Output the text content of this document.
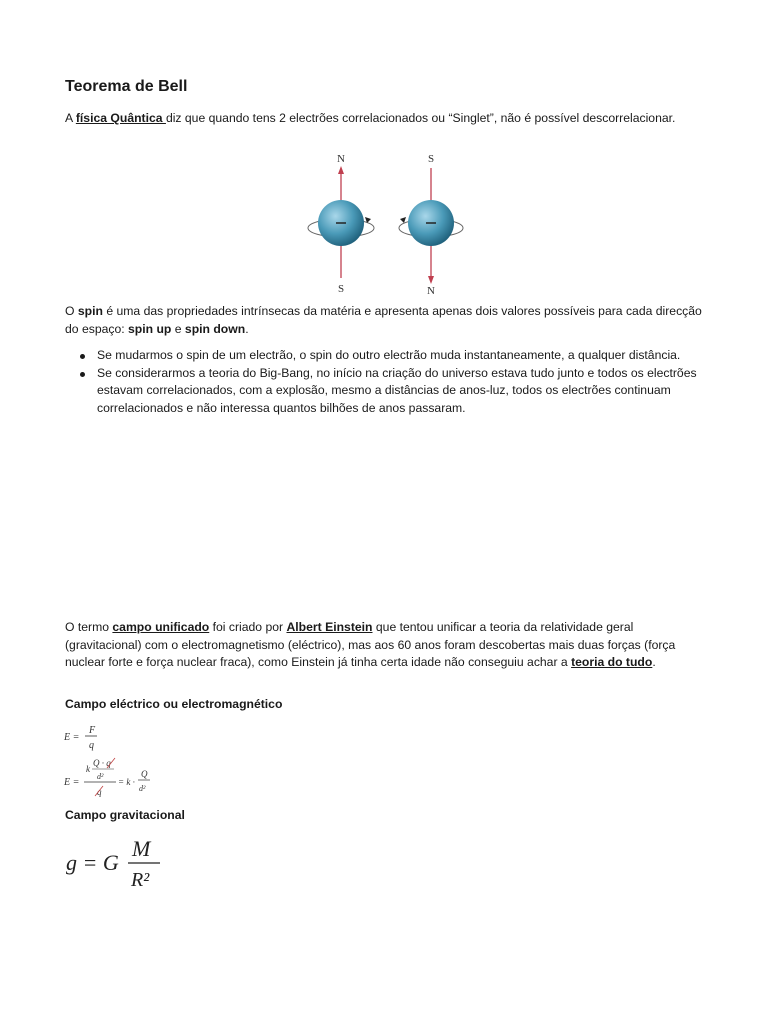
Teorema de Bell

A física Quântica diz que quando tens 2 electrões correlacionados ou “Singlet”, não é possível descorrelacionar.

N
S
S
N

O spin é uma das propriedades intrínsecas da matéria e apresenta apenas dois valores possíveis para cada direcção do espaço: spin up e spin down.

Se mudarmos o spin de um electrão, o spin do outro electrão muda instantaneamente, a qualquer distância.
Se considerarmos a teoria do Big-Bang, no início na criação do universo estava tudo junto e todos os electrões estavam correlacionados, com a explosão, mesmo a distâncias de anos-luz, todos os electrões continuam correlacionados e não interessa quantos bilhões de anos passaram.

O termo campo unificado foi criado por Albert Einstein que tentou unificar a teoria da relatividade geral (gravitacional) com o electromagnetismo (eléctrico), mas aos 60 anos foram descobertas mais duas forças (força nuclear forte e força nuclear fraca), como Einstein já tinha certa idade não conseguiu achar a teoria do tudo.

Campo eléctrico ou electromagnético
E =
F
q
E =
k
Q · q
d²
q
= k ·
Q
d²
Campo gravitacional
g = G
M
R²
